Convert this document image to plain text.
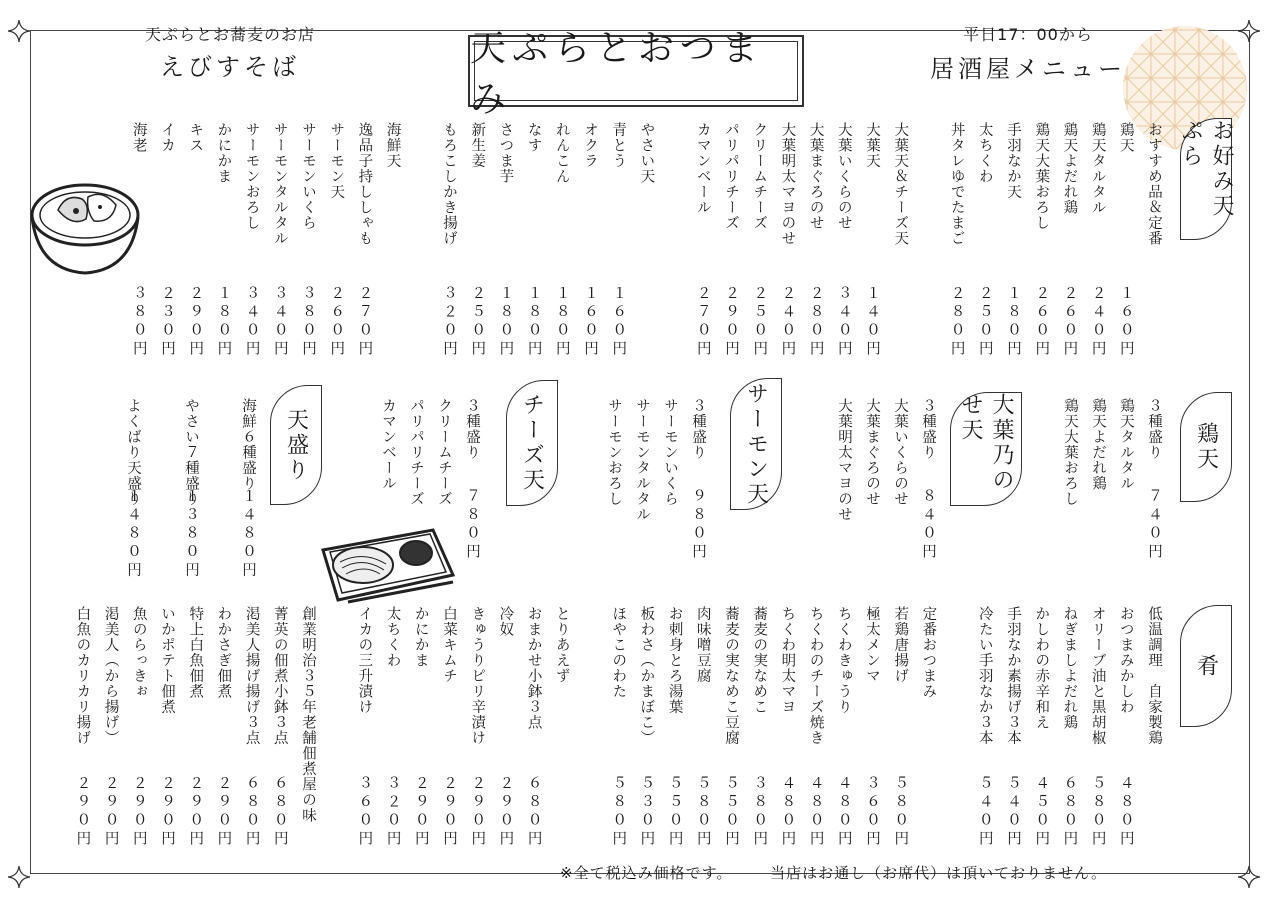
天ぷらとお蕎麦のお店
えびすそば	天ぷらとおつまみ
平日17：00から
居酒屋メニュー
お好み天ぷら
鶏天
大葉乃のせ天
サーモン天
チーズ天
天盛り
肴
おすすめ品＆定番
鶏天
１６０円
鶏天タルタル
２４０円
鶏天よだれ鶏
２６０円
鶏天大葉おろし
２６０円
手羽なか天
１８０円
太ちくわ
２５０円
丼タレゆでたまご
２８０円
大葉天＆チーズ天
大葉天
１４０円
大葉いくらのせ
３４０円
大葉まぐろのせ
２８０円
大葉明太マヨのせ
２４０円
クリームチーズ
２５０円
パリパリチーズ
２９０円
カマンベール
２７０円
やさい天
青とう
１６０円
オクラ
１６０円
れんこん
１８０円
なす
１８０円
さつま芋
１８０円
新生姜
２５０円
もろこしかき揚げ
３２０円
海鮮天
逸品子持ししゃも
２７０円
サーモン天
２６０円
サーモンいくら
３８０円
サーモンタルタル
３４０円
サーモンおろし
３４０円
かにかま
１８０円
キス
２９０円
イカ
２３０円
海老
３８０円
３種盛り
７４０円
鶏天タルタル
鶏天よだれ鶏
鶏天大葉おろし
３種盛り
８４０円
大葉いくらのせ
大葉まぐろのせ
大葉明太マヨのせ
３種盛り
９８０円
サーモンいくら
サーモンタルタル
サーモンおろし
３種盛り
７８０円
クリームチーズ
パリパリチーズ
カマンベール
海鮮６種盛り
１４８０円
やさい７種盛り
１３８０円
よくばり天盛り
１４８０円
低温調理　自家製鶏
おつまみかしわ
４８０円
オリーブ油と黒胡椒
５８０円
ねぎましよだれ鶏
６８０円
かしわの赤辛和え
４５０円
手羽なか素揚げ３本
５４０円
冷たい手羽なか３本
５４０円
定番おつまみ
若鶏唐揚げ
５８０円
極太メンマ
３６０円
ちくわきゅうり
４８０円
ちくわのチーズ焼き
４８０円
ちくわ明太マヨ
４８０円
蕎麦の実なめこ
３８０円
蕎麦の実なめこ豆腐
５５０円
肉味噌豆腐
５８０円
お刺身とろ湯葉
５５０円
板わさ（かまぼこ）
５３０円
ほやこのわた
５８０円
とりあえず
おまかせ小鉢３点
６８０円
冷奴
２９０円
きゅうりピリ辛漬け
２９０円
白菜キムチ
２９０円
かにかま
２９０円
太ちくわ
３２０円
イカの三升漬け
３６０円
創業明治３５年老舗佃煮屋の味
菁英の佃煮小鉢３点
６８０円
渇美人揚げ揚げ３点
６８０円
わかさぎ佃煮
２９０円
特上白魚佃煮
２９０円
いかポテト佃煮
２９０円
魚のらっきぉ
２９０円
渇美人（から揚げ）
２９０円
白魚のカリカリ揚げ
２９０円
※全て税込み価格です。	当店はお通し（お席代）は頂いておりません。
